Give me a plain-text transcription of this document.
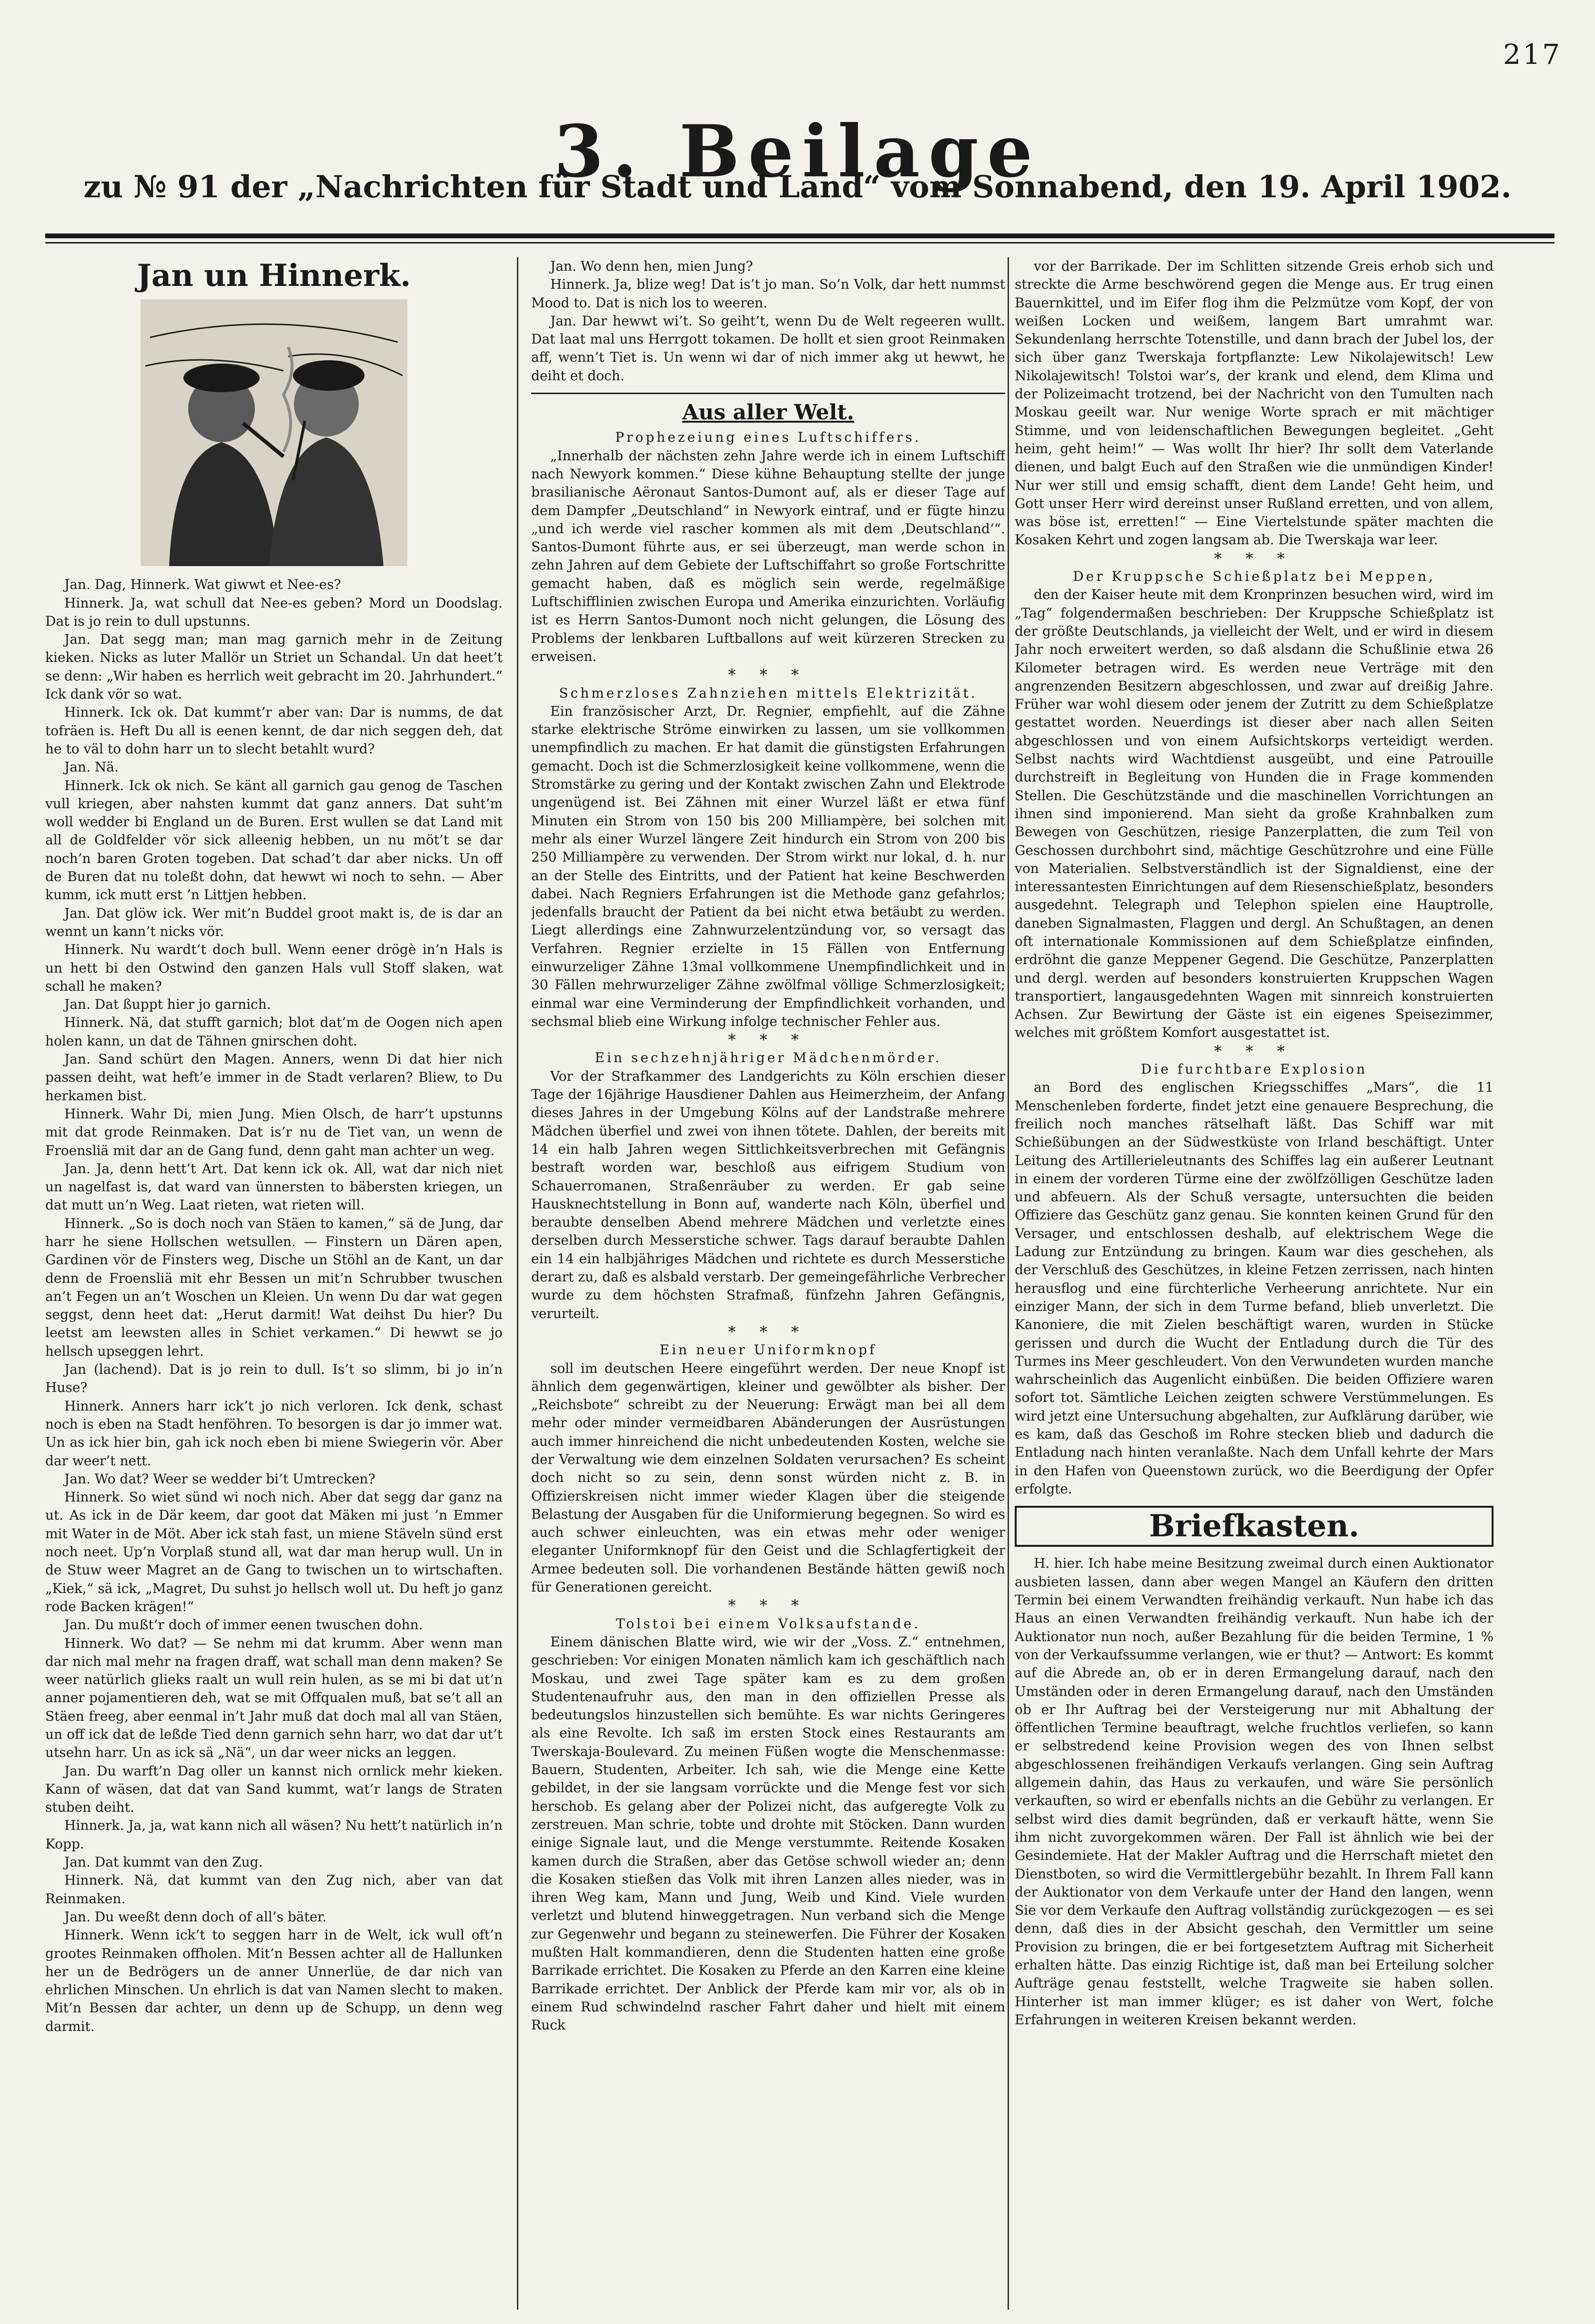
217
3. Beilage
zu № 91 der „Nachrichten für Stadt und Land“ vom Sonnabend, den 19. April 1902.
Jan un Hinnerk.

Jan. Dag, Hinnerk. Wat giwwt et Nee-es?

Hinnerk. Ja, wat schull dat Nee-es geben? Mord un Doodslag. Dat is jo rein to dull upstunns.

Jan. Dat segg man; man mag garnich mehr in de Zeitung kieken. Nicks as luter Mallör un Striet un Schandal. Un dat heet’t se denn: „Wir haben es herrlich weit gebracht im 20. Jahrhundert.“ Ick dank vör so wat.

Hinnerk. Ick ok. Dat kummt’r aber van: Dar is numms, de dat tofräen is. Heft Du all is eenen kennt, de dar nich seggen deh, dat he to väl to dohn harr un to slecht betahlt wurd?

Jan. Nä.

Hinnerk. Ick ok nich. Se känt all garnich gau genog de Taschen vull kriegen, aber nahsten kummt dat ganz anners. Dat suht’m woll wedder bi England un de Buren. Erst wullen se dat Land mit all de Goldfelder vör sick alleenig hebben, un nu möt’t se dar noch’n baren Groten togeben. Dat schad’t dar aber nicks. Un off de Buren dat nu toleßt dohn, dat hewwt wi noch to sehn. — Aber kumm, ick mutt erst ’n Littjen hebben.

Jan. Dat glöw ick. Wer mit’n Buddel groot makt is, de is dar an wennt un kann’t nicks vör.

Hinnerk. Nu wardt’t doch bull. Wenn eener drögè in’n Hals is un hett bi den Ostwind den ganzen Hals vull Stoff slaken, wat schall he maken?

Jan. Dat ßuppt hier jo garnich.

Hinnerk. Nä, dat stufft garnich; blot dat’m de Oogen nich apen holen kann, un dat de Tähnen gnirschen doht.

Jan. Sand schürt den Magen. Anners, wenn Di dat hier nich passen deiht, wat heft’e immer in de Stadt verlaren? Bliew, to Du herkamen bist.

Hinnerk. Wahr Di, mien Jung. Mien Olsch, de harr’t upstunns mit dat grode Reinmaken. Dat is’r nu de Tiet van, un wenn de Froensliä mit dar an de Gang fund, denn gaht man achter un weg.

Jan. Ja, denn hett’t Art. Dat kenn ick ok. All, wat dar nich niet un nagelfast is, dat ward van ünnersten to bäbersten kriegen, un dat mutt un’n Weg. Laat rieten, wat rieten will.

Hinnerk. „So is doch noch van Stäen to kamen,“ sä de Jung, dar harr he siene Hollschen wetsullen. — Finstern un Dären apen, Gardinen vör de Finsters weg, Dische un Stöhl an de Kant, un dar denn de Froensliä mit ehr Bessen un mit’n Schrubber twuschen an’t Fegen un an’t Woschen un Kleien. Un wenn Du dar wat gegen seggst, denn heet dat: „Herut darmit! Wat deihst Du hier? Du leetst am leewsten alles in Schiet verkamen.“ Di hewwt se jo hellsch upseggen lehrt.

Jan (lachend). Dat is jo rein to dull. Is’t so slimm, bi jo in’n Huse?

Hinnerk. Anners harr ick’t jo nich verloren. Ick denk, schast noch is eben na Stadt henföhren. To besorgen is dar jo immer wat. Un as ick hier bin, gah ick noch eben bi miene Swiegerin vör. Aber dar weer’t nett.

Jan. Wo dat? Weer se wedder bi’t Umtrecken?

Hinnerk. So wiet sünd wi noch nich. Aber dat segg dar ganz na ut. As ick in de Där keem, dar goot dat Mäken mi just ’n Emmer mit Water in de Möt. Aber ick stah fast, un miene Stäveln sünd erst noch neet. Up’n Vorplaß stund all, wat dar man herup wull. Un in de Stuw weer Magret an de Gang to twischen un to wirtschaften. „Kiek,“ sä ick, „Magret, Du suhst jo hellsch woll ut. Du heft jo ganz rode Backen krägen!“

Jan. Du mußt’r doch of immer eenen twuschen dohn.

Hinnerk. Wo dat? — Se nehm mi dat krumm. Aber wenn man dar nich mal mehr na fragen draff, wat schall man denn maken? Se weer natürlich glieks raalt un wull rein hulen, as se mi bi dat ut’n anner pojamentieren deh, wat se mit Offqualen muß, bat se’t all an Stäen freeg, aber eenmal in’t Jahr muß dat doch mal all van Stäen, un off ick dat de leßde Tied denn garnich sehn harr, wo dat dar ut’t utsehn harr. Un as ick sä „Nä“, un dar weer nicks an leggen.

Jan. Du warft’n Dag oller un kannst nich ornlick mehr kieken. Kann of wäsen, dat dat van Sand kummt, wat’r langs de Straten stuben deiht.

Hinnerk. Ja, ja, wat kann nich all wäsen? Nu hett’t natürlich in’n Kopp.

Jan. Dat kummt van den Zug.

Hinnerk. Nä, dat kummt van den Zug nich, aber van dat Reinmaken.

Jan. Du weeßt denn doch of all’s bäter.

Hinnerk. Wenn ick’t to seggen harr in de Welt, ick wull oft’n grootes Reinmaken offholen. Mit’n Bessen achter all de Hallunken her un de Bedrögers un de anner Unnerlüe, de dar nich van ehrlichen Minschen. Un ehrlich is dat van Namen slecht to maken. Mit’n Bessen dar achter, un denn up de Schupp, un denn weg darmit.

Jan. Wo denn hen, mien Jung?

Hinnerk. Ja, blize weg! Dat is’t jo man. So’n Volk, dar hett nummst Mood to. Dat is nich los to weeren.

Jan. Dar hewwt wi’t. So geiht’t, wenn Du de Welt regeeren wullt. Dat laat mal uns Herrgott tokamen. De hollt et sien groot Reinmaken aff, wenn’t Tiet is. Un wenn wi dar of nich immer akg ut hewwt, he deiht et doch.

Aus aller Welt.

Prophezeiung eines Luftschiffers.

„Innerhalb der nächsten zehn Jahre werde ich in einem Luftschiff nach Newyork kommen.“ Diese kühne Behauptung stellte der junge brasilianische Aëronaut Santos-Dumont auf, als er dieser Tage auf dem Dampfer „Deutschland“ in Newyork eintraf, und er fügte hinzu „und ich werde viel rascher kommen als mit dem ‚Deutschland‘“. Santos-Dumont führte aus, er sei überzeugt, man werde schon in zehn Jahren auf dem Gebiete der Luftschiffahrt so große Fortschritte gemacht haben, daß es möglich sein werde, regelmäßige Luftschifflinien zwischen Europa und Amerika einzurichten. Vorläufig ist es Herrn Santos-Dumont noch nicht gelungen, die Lösung des Problems der lenkbaren Luftballons auf weit kürzeren Strecken zu erweisen.

* * *

Schmerzloses Zahnziehen mittels Elektrizität.

Ein französischer Arzt, Dr. Regnier, empfiehlt, auf die Zähne starke elektrische Ströme einwirken zu lassen, um sie vollkommen unempfindlich zu machen. Er hat damit die günstigsten Erfahrungen gemacht. Doch ist die Schmerzlosigkeit keine vollkommene, wenn die Stromstärke zu gering und der Kontakt zwischen Zahn und Elektrode ungenügend ist. Bei Zähnen mit einer Wurzel läßt er etwa fünf Minuten ein Strom von 150 bis 200 Milliampère, bei solchen mit mehr als einer Wurzel längere Zeit hindurch ein Strom von 200 bis 250 Milliampère zu verwenden. Der Strom wirkt nur lokal, d. h. nur an der Stelle des Eintritts, und der Patient hat keine Beschwerden dabei. Nach Regniers Erfahrungen ist die Methode ganz gefahrlos; jedenfalls braucht der Patient da bei nicht etwa betäubt zu werden. Liegt allerdings eine Zahnwurzelentzündung vor, so versagt das Verfahren. Regnier erzielte in 15 Fällen von Entfernung einwurzeliger Zähne 13mal vollkommene Unempfindlichkeit und in 30 Fällen mehrwurzeliger Zähne zwölfmal völlige Schmerzlosigkeit; einmal war eine Verminderung der Empfindlichkeit vorhanden, und sechsmal blieb eine Wirkung infolge technischer Fehler aus.

* * *

Ein sechzehnjähriger Mädchenmörder.

Vor der Strafkammer des Landgerichts zu Köln erschien dieser Tage der 16jährige Hausdiener Dahlen aus Heimerzheim, der Anfang dieses Jahres in der Umgebung Kölns auf der Landstraße mehrere Mädchen überfiel und zwei von ihnen tötete. Dahlen, der bereits mit 14 ein halb Jahren wegen Sittlichkeitsverbrechen mit Gefängnis bestraft worden war, beschloß aus eifrigem Studium von Schauerromanen, Straßenräuber zu werden. Er gab seine Hausknechtstellung in Bonn auf, wanderte nach Köln, überfiel und beraubte denselben Abend mehrere Mädchen und verletzte eines derselben durch Messerstiche schwer. Tags darauf beraubte Dahlen ein 14 ein halbjähriges Mädchen und richtete es durch Messerstiche derart zu, daß es alsbald verstarb. Der gemeingefährliche Verbrecher wurde zu dem höchsten Strafmaß, fünfzehn Jahren Gefängnis, verurteilt.

* * *

Ein neuer Uniformknopf

soll im deutschen Heere eingeführt werden. Der neue Knopf ist ähnlich dem gegenwärtigen, kleiner und gewölbter als bisher. Der „Reichsbote“ schreibt zu der Neuerung: Erwägt man bei all dem mehr oder minder vermeidbaren Abänderungen der Ausrüstungen auch immer hinreichend die nicht unbedeutenden Kosten, welche sie der Verwaltung wie dem einzelnen Soldaten verursachen? Es scheint doch nicht so zu sein, denn sonst würden nicht z. B. in Offizierskreisen nicht immer wieder Klagen über die steigende Belastung der Ausgaben für die Uniformierung begegnen. So wird es auch schwer einleuchten, was ein etwas mehr oder weniger eleganter Uniformknopf für den Geist und die Schlagfertigkeit der Armee bedeuten soll. Die vorhandenen Bestände hätten gewiß noch für Generationen gereicht.

* * *

Tolstoi bei einem Volksaufstande.

Einem dänischen Blatte wird, wie wir der „Voss. Z.“ entnehmen, geschrieben: Vor einigen Monaten nämlich kam ich geschäftlich nach Moskau, und zwei Tage später kam es zu dem großen Studentenaufruhr aus, den man in den offiziellen Presse als bedeutungslos hinzustellen sich bemühte. Es war nichts Geringeres als eine Revolte. Ich saß im ersten Stock eines Restaurants am Twerskaja-Boulevard. Zu meinen Füßen wogte die Menschenmasse: Bauern, Studenten, Arbeiter. Ich sah, wie die Menge eine Kette gebildet, in der sie langsam vorrückte und die Menge fest vor sich herschob. Es gelang aber der Polizei nicht, das aufgeregte Volk zu zerstreuen. Man schrie, tobte und drohte mit Stöcken. Dann wurden einige Signale laut, und die Menge verstummte. Reitende Kosaken kamen durch die Straßen, aber das Getöse schwoll wieder an; denn die Kosaken stießen das Volk mit ihren Lanzen alles nieder, was in ihren Weg kam, Mann und Jung, Weib und Kind. Viele wurden verletzt und blutend hinweggetragen. Nun verband sich die Menge zur Gegenwehr und begann zu steinewerfen. Die Führer der Kosaken mußten Halt kommandieren, denn die Studenten hatten eine große Barrikade errichtet. Die Kosaken zu Pferde an den Karren eine kleine Barrikade errichtet. Der Anblick der Pferde kam mir vor, als ob in einem Rud schwindelnd rascher Fahrt daher und hielt mit einem Ruck

vor der Barrikade. Der im Schlitten sitzende Greis erhob sich und streckte die Arme beschwörend gegen die Menge aus. Er trug einen Bauernkittel, und im Eifer flog ihm die Pelzmütze vom Kopf, der von weißen Locken und weißem, langem Bart umrahmt war. Sekundenlang herrschte Totenstille, und dann brach der Jubel los, der sich über ganz Twerskaja fortpflanzte: Lew Nikolajewitsch! Lew Nikolajewitsch! Tolstoi war’s, der krank und elend, dem Klima und der Polizeimacht trotzend, bei der Nachricht von den Tumulten nach Moskau geeilt war. Nur wenige Worte sprach er mit mächtiger Stimme, und von leidenschaftlichen Bewegungen begleitet. „Geht heim, geht heim!“ — Was wollt Ihr hier? Ihr sollt dem Vaterlande dienen, und balgt Euch auf den Straßen wie die unmündigen Kinder! Nur wer still und emsig schafft, dient dem Lande! Geht heim, und Gott unser Herr wird dereinst unser Rußland erretten, und von allem, was böse ist, erretten!“ — Eine Viertelstunde später machten die Kosaken Kehrt und zogen langsam ab. Die Twerskaja war leer.

* * *

Der Kruppsche Schießplatz bei Meppen,

den der Kaiser heute mit dem Kronprinzen besuchen wird, wird im „Tag“ folgendermaßen beschrieben: Der Kruppsche Schießplatz ist der größte Deutschlands, ja vielleicht der Welt, und er wird in diesem Jahr noch erweitert werden, so daß alsdann die Schußlinie etwa 26 Kilometer betragen wird. Es werden neue Verträge mit den angrenzenden Besitzern abgeschlossen, und zwar auf dreißig Jahre. Früher war wohl diesem oder jenem der Zutritt zu dem Schießplatze gestattet worden. Neuerdings ist dieser aber nach allen Seiten abgeschlossen und von einem Aufsichtskorps verteidigt werden. Selbst nachts wird Wachtdienst ausgeübt, und eine Patrouille durchstreift in Begleitung von Hunden die in Frage kommenden Stellen. Die Geschützstände und die maschinellen Vorrichtungen an ihnen sind imponierend. Man sieht da große Krahnbalken zum Bewegen von Geschützen, riesige Panzerplatten, die zum Teil von Geschossen durchbohrt sind, mächtige Geschützrohre und eine Fülle von Materialien. Selbstverständlich ist der Signaldienst, eine der interessantesten Einrichtungen auf dem Riesenschießplatz, besonders ausgedehnt. Telegraph und Telephon spielen eine Hauptrolle, daneben Signalmasten, Flaggen und dergl. An Schußtagen, an denen oft internationale Kommissionen auf dem Schießplatze einfinden, erdröhnt die ganze Meppener Gegend. Die Geschütze, Panzerplatten und dergl. werden auf besonders konstruierten Kruppschen Wagen transportiert, langausgedehnten Wagen mit sinnreich konstruierten Achsen. Zur Bewirtung der Gäste ist ein eigenes Speisezimmer, welches mit größtem Komfort ausgestattet ist.

* * *

Die furchtbare Explosion

an Bord des englischen Kriegsschiffes „Mars“, die 11 Menschenleben forderte, findet jetzt eine genauere Besprechung, die freilich noch manches rätselhaft läßt. Das Schiff war mit Schießübungen an der Südwestküste von Irland beschäftigt. Unter Leitung des Artillerieleutnants des Schiffes lag ein außerer Leutnant in einem der vorderen Türme eine der zwölfzölligen Geschütze laden und abfeuern. Als der Schuß versagte, untersuchten die beiden Offiziere das Geschütz ganz genau. Sie konnten keinen Grund für den Versager, und entschlossen deshalb, auf elektrischem Wege die Ladung zur Entzündung zu bringen. Kaum war dies geschehen, als der Verschluß des Geschützes, in kleine Fetzen zerrissen, nach hinten herausflog und eine fürchterliche Verheerung anrichtete. Nur ein einziger Mann, der sich in dem Turme befand, blieb unverletzt. Die Kanoniere, die mit Zielen beschäftigt waren, wurden in Stücke gerissen und durch die Wucht der Entladung durch die Tür des Turmes ins Meer geschleudert. Von den Verwundeten wurden manche wahrscheinlich das Augenlicht einbüßen. Die beiden Offiziere waren sofort tot. Sämtliche Leichen zeigten schwere Verstümmelungen. Es wird jetzt eine Untersuchung abgehalten, zur Aufklärung darüber, wie es kam, daß das Geschoß im Rohre stecken blieb und dadurch die Entladung nach hinten veranlaßte. Nach dem Unfall kehrte der Mars in den Hafen von Queenstown zurück, wo die Beerdigung der Opfer erfolgte.

Briefkasten.

H. hier. Ich habe meine Besitzung zweimal durch einen Auktionator ausbieten lassen, dann aber wegen Mangel an Käufern den dritten Termin bei einem Verwandten freihändig verkauft. Nun habe ich das Haus an einen Verwandten freihändig verkauft. Nun habe ich der Auktionator nun noch, außer Bezahlung für die beiden Termine, 1 % von der Verkaufssumme verlangen, wie er thut? — Antwort: Es kommt auf die Abrede an, ob er in deren Ermangelung darauf, nach den Umständen oder in deren Ermangelung darauf, nach den Umständen ob er Ihr Auftrag bei der Versteigerung nur mit Abhaltung der öffentlichen Termine beauftragt, welche fruchtlos verliefen, so kann er selbstredend keine Provision wegen des von Ihnen selbst abgeschlossenen freihändigen Verkaufs verlangen. Ging sein Auftrag allgemein dahin, das Haus zu verkaufen, und wäre Sie persönlich verkauften, so wird er ebenfalls nichts an die Gebühr zu verlangen. Er selbst wird dies damit begründen, daß er verkauft hätte, wenn Sie ihm nicht zuvorgekommen wären. Der Fall ist ähnlich wie bei der Gesindemiete. Hat der Makler Auftrag und die Herrschaft mietet den Dienstboten, so wird die Vermittlergebühr bezahlt. In Ihrem Fall kann der Auktionator von dem Verkaufe unter der Hand den langen, wenn Sie vor dem Verkaufe den Auftrag vollständig zurückgezogen — es sei denn, daß dies in der Absicht geschah, den Vermittler um seine Provision zu bringen, die er bei fortgesetztem Auftrag mit Sicherheit erhalten hätte. Das einzig Richtige ist, daß man bei Erteilung solcher Aufträge genau feststellt, welche Tragweite sie haben sollen. Hinterher ist man immer klüger; es ist daher von Wert, folche Erfahrungen in weiteren Kreisen bekannt werden.
